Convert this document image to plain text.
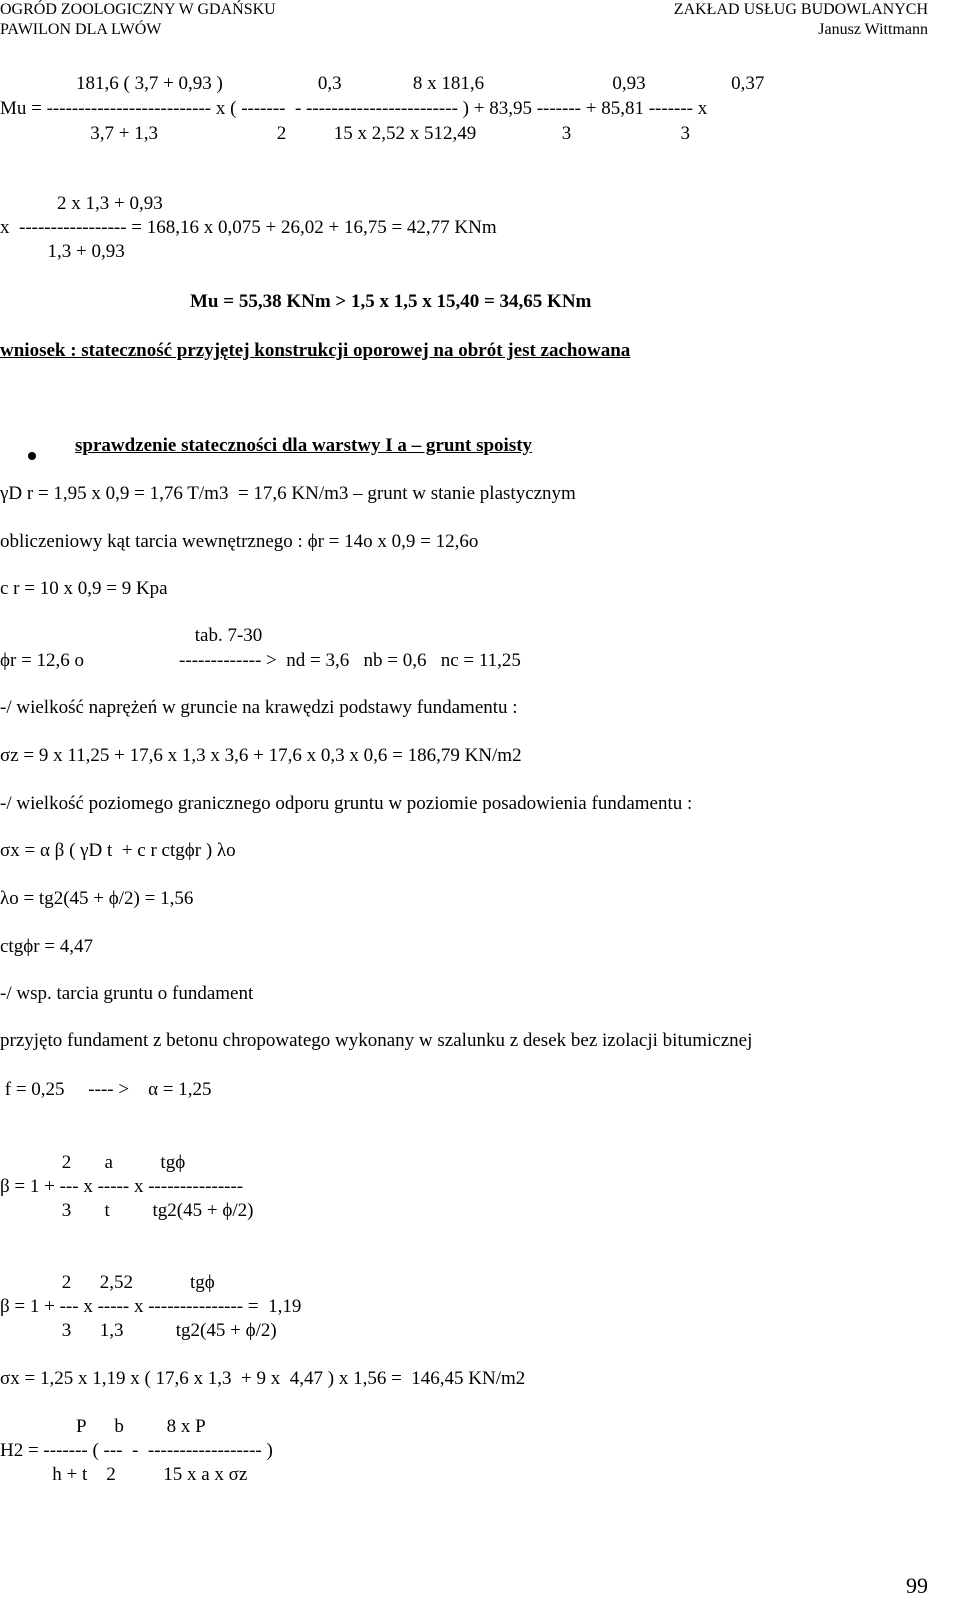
OGRÓD ZOOLOGICZNY W GDAŃSKU
PAWILON DLA LWÓW
ZAKŁAD USŁUG BUDOWLANYCH
Janusz Wittmann
181,6 ( 3,7 + 0,93 )                    0,3               8 x 181,6                           0,93                  0,37
Mu = -------------------------- x ( -------  - ------------------------ ) + 83,95 ------- + 85,81 ------- x
3,7 + 1,3                         2          15 x 2,52 x 512,49                  3                       3
2 x 1,3 + 0,93
x  ----------------- = 168,16 x 0,075 + 26,02 + 16,75 = 42,77 KNm
1,3 + 0,93
Mu = 55,38 KNm > 1,5 x 1,5 x 15,40 = 34,65 KNm
wniosek : stateczność przyjętej konstrukcji oporowej na obrót jest zachowana
sprawdzenie stateczności dla warstwy I a – grunt spoisty
γD r = 1,95 x 0,9 = 1,76 T/m3  = 17,6 KN/m3 – grunt w stanie plastycznym
obliczeniowy kąt tarcia wewnętrznego : ϕr = 14o x 0,9 = 12,6o
c r = 10 x 0,9 = 9 Kpa
tab. 7-30
ϕr = 12,6 o                    ------------- >  nd = 3,6   nb = 0,6   nc = 11,25
-/ wielkość naprężeń w gruncie na krawędzi podstawy fundamentu :
σz = 9 x 11,25 + 17,6 x 1,3 x 3,6 + 17,6 x 0,3 x 0,6 = 186,79 KN/m2
-/ wielkość poziomego granicznego odporu gruntu w poziomie posadowienia fundamentu :
σx = α β ( γD t  + c r ctgϕr ) λo
λo = tg2(45 + ϕ/2) = 1,56
ctgϕr = 4,47
-/ wsp. tarcia gruntu o fundament
przyjęto fundament z betonu chropowatego wykonany w szalunku z desek bez izolacji bitumicznej
f = 0,25     ---- >    α = 1,25
2       a          tgϕ
β = 1 + --- x ----- x ---------------
3       t         tg2(45 + ϕ/2)
2      2,52            tgϕ
β = 1 + --- x ----- x --------------- =  1,19
3      1,3           tg2(45 + ϕ/2)
σx = 1,25 x 1,19 x ( 17,6 x 1,3  + 9 x  4,47 ) x 1,56 =  146,45 KN/m2
P      b         8 x P
H2 = ------- ( ---  -  ------------------ )
h + t    2          15 x a x σz
99
